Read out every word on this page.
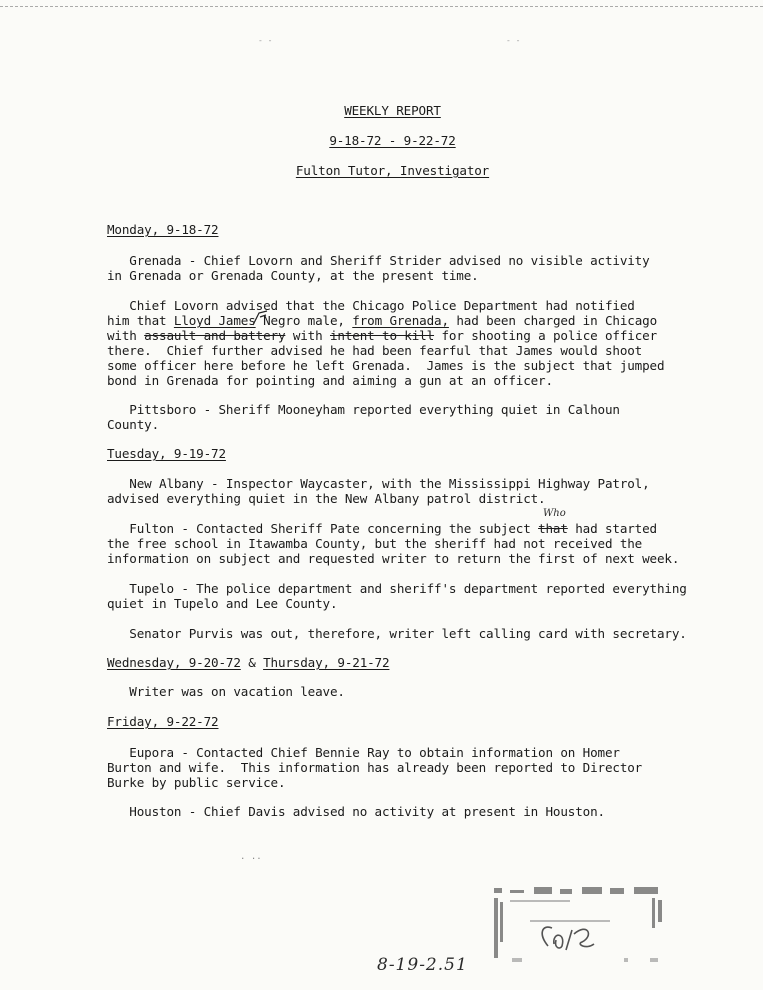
- -	- -
WEEKLY REPORT
9-18-72 - 9-22-72
Fulton Tutor, Investigator
Monday, 9-18-72
Grenada - Chief Lovorn and Sheriff Strider advised no visible activity
in Grenada or Grenada County, at the present time.
Chief Lovorn advised that the Chicago Police Department had notified
him that Lloyd James Negro male, from Grenada, had been charged in Chicago
with assault and battery with intent to kill for shooting a police officer
there.  Chief further advised he had been fearful that James would shoot
some officer here before he left Grenada.  James is the subject that jumped
bond in Grenada for pointing and aiming a gun at an officer.
Pittsboro - Sheriff Mooneyham reported everything quiet in Calhoun
County.
Tuesday, 9-19-72
New Albany - Inspector Waycaster, with the Mississippi Highway Patrol,
advised everything quiet in the New Albany patrol district.
Who
Fulton - Contacted Sheriff Pate concerning the subject that had started
the free school in Itawamba County, but the sheriff had not received the
information on subject and requested writer to return the first of next week.
Tupelo - The police department and sheriff's department reported everything
quiet in Tupelo and Lee County.
Senator Purvis was out, therefore, writer left calling card with secretary.
Wednesday, 9-20-72 & Thursday, 9-21-72
Writer was on vacation leave.
Friday, 9-22-72
Eupora - Contacted Chief Bennie Ray to obtain information on Homer
Burton and wife.  This information has already been reported to Director
Burke by public service.
Houston - Chief Davis advised no activity at present in Houston.
. ..
8-19-2.51
